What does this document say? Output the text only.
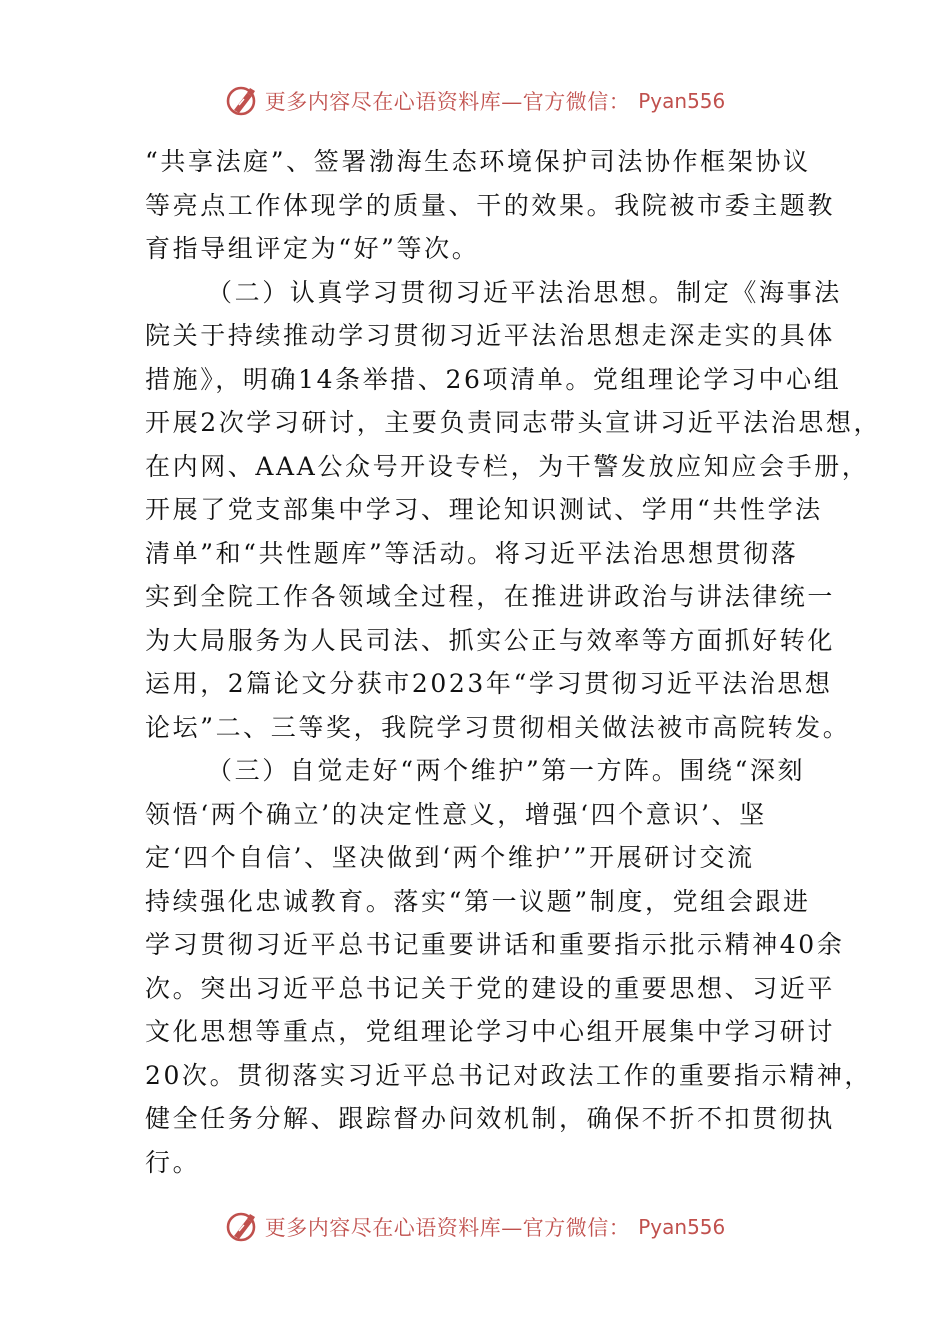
更多内容尽在心语资料库—官方微信： Pyan556
“共享法庭”、签署渤海生态环境保护司法协作框架协议
等亮点工作体现学的质量、干的效果。我院被市委主题教
育指导组评定为“好”等次。
（二）认真学习贯彻习近平法治思想。制定《海事法
院关于持续推动学习贯彻习近平法治思想走深走实的具体
措施》，明确14条举措、26项清单。党组理论学习中心组
开展2次学习研讨，主要负责同志带头宣讲习近平法治思想，
在内网、AAA公众号开设专栏，为干警发放应知应会手册，
开展了党支部集中学习、理论知识测试、学用“共性学法
清单”和“共性题库”等活动。将习近平法治思想贯彻落
实到全院工作各领域全过程，在推进讲政治与讲法律统一
为大局服务为人民司法、抓实公正与效率等方面抓好转化
运用，2篇论文分获市2023年“学习贯彻习近平法治思想
论坛”二、三等奖，我院学习贯彻相关做法被市高院转发。
（三）自觉走好“两个维护”第一方阵。围绕“深刻
领悟‘两个确立’的决定性意义，增强‘四个意识’、坚
定‘四个自信’、坚决做到‘两个维护’”开展研讨交流
持续强化忠诚教育。落实“第一议题”制度，党组会跟进
学习贯彻习近平总书记重要讲话和重要指示批示精神40余
次。突出习近平总书记关于党的建设的重要思想、习近平
文化思想等重点，党组理论学习中心组开展集中学习研讨
20次。贯彻落实习近平总书记对政法工作的重要指示精神，
健全任务分解、跟踪督办问效机制，确保不折不扣贯彻执
行。
更多内容尽在心语资料库—官方微信： Pyan556
